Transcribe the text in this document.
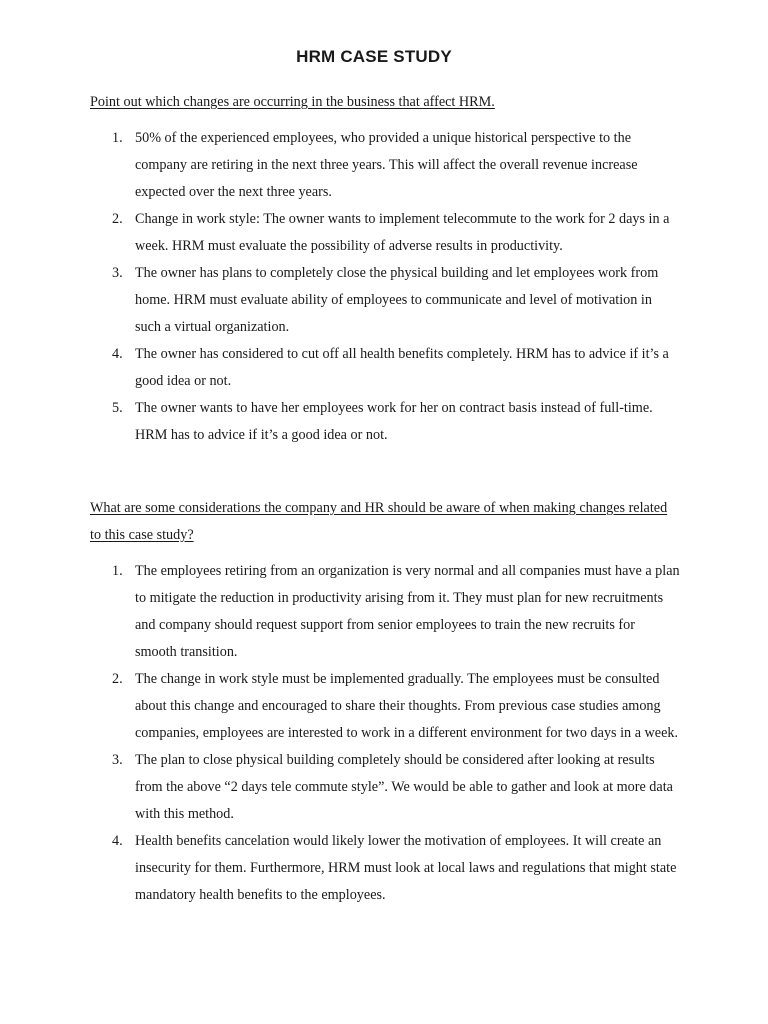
HRM CASE STUDY

Point out which changes are occurring in the business that affect HRM.

1. 50% of the experienced employees, who provided a unique historical perspective to the company are retiring in the next three years. This will affect the overall revenue increase expected over the next three years.
2. Change in work style: The owner wants to implement telecommute to the work for 2 days in a week. HRM must evaluate the possibility of adverse results in productivity.
3. The owner has plans to completely close the physical building and let employees work from home. HRM must evaluate ability of employees to communicate and level of motivation in such a virtual organization.
4. The owner has considered to cut off all health benefits completely. HRM has to advice if it’s a good idea or not.
5. The owner wants to have her employees work for her on contract basis instead of full-time. HRM has to advice if it’s a good idea or not.

What are some considerations the company and HR should be aware of when making changes related to this case study?

1. The employees retiring from an organization is very normal and all companies must have a plan to mitigate the reduction in productivity arising from it. They must plan for new recruitments and company should request support from senior employees to train the new recruits for smooth transition.
2. The change in work style must be implemented gradually. The employees must be consulted about this change and encouraged to share their thoughts. From previous case studies among companies, employees are interested to work in a different environment for two days in a week.
3. The plan to close physical building completely should be considered after looking at results from the above “2 days tele commute style”. We would be able to gather and look at more data with this method.
4. Health benefits cancelation would likely lower the motivation of employees. It will create an insecurity for them. Furthermore, HRM must look at local laws and regulations that might state mandatory health benefits to the employees.
